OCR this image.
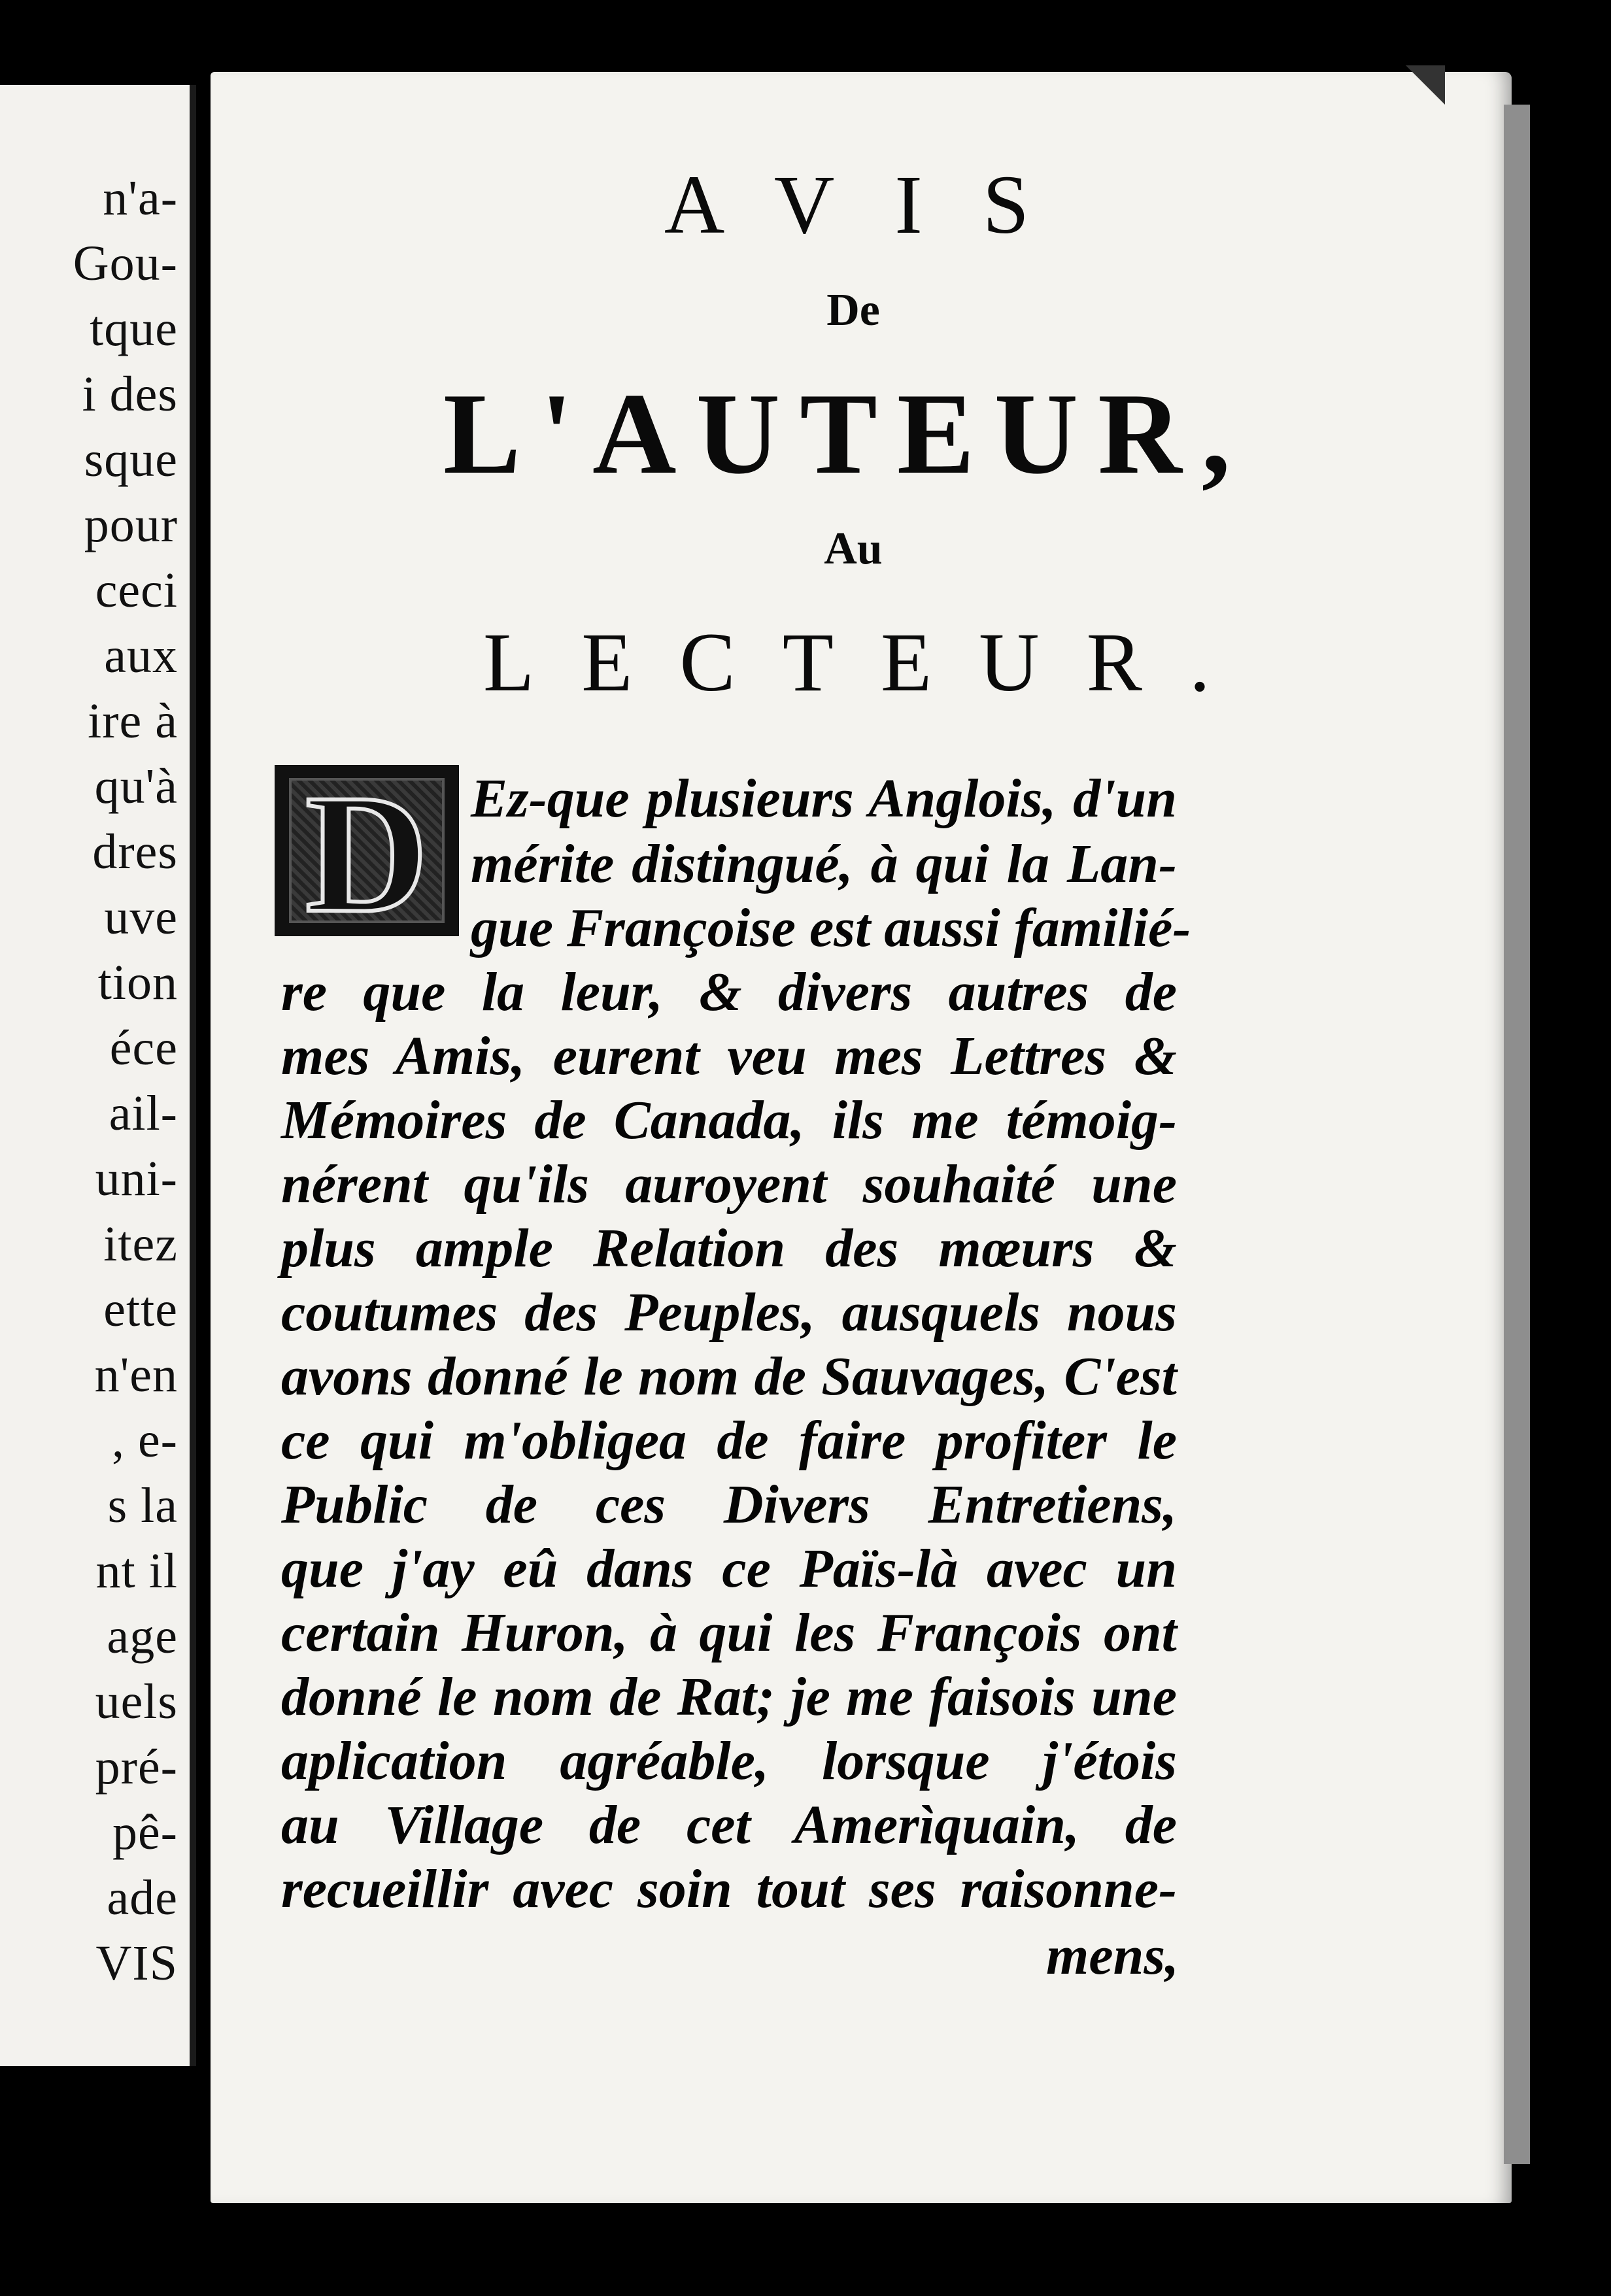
n'a-
Gou-
tque
i des
sque
pour
ceci
aux
ire à
qu'à
dres
uve
tion
éce
ail-
uni-
itez
ette
n'en
, e-
s la
nt il
age
uels
pré-
pê-
ade
VIS
AVIS
De
L'AUTEUR,
Au
LECTEUR.
D Ez-que plusieurs Anglois, d'un
mérite distingué, à qui la Lan-
gue Françoise est aussi familié-
re que la leur, & divers autres de
mes Amis, eurent veu mes Lettres &
Mémoires de Canada, ils me témoig-
nérent qu'ils auroyent souhaité une
plus ample Relation des mœurs &
coutumes des Peuples, ausquels nous
avons donné le nom de Sauvages, C'est
ce qui m'obligea de faire profiter le
Public de ces Divers Entretiens,
que j'ay eû dans ce Païs-là avec un
certain Huron, à qui les François ont
donné le nom de Rat; je me faisois une
aplication agréable, lorsque j'étois
au Village de cet Amerìquain, de
recueillir avec soin tout ses raisonne-
mens,
